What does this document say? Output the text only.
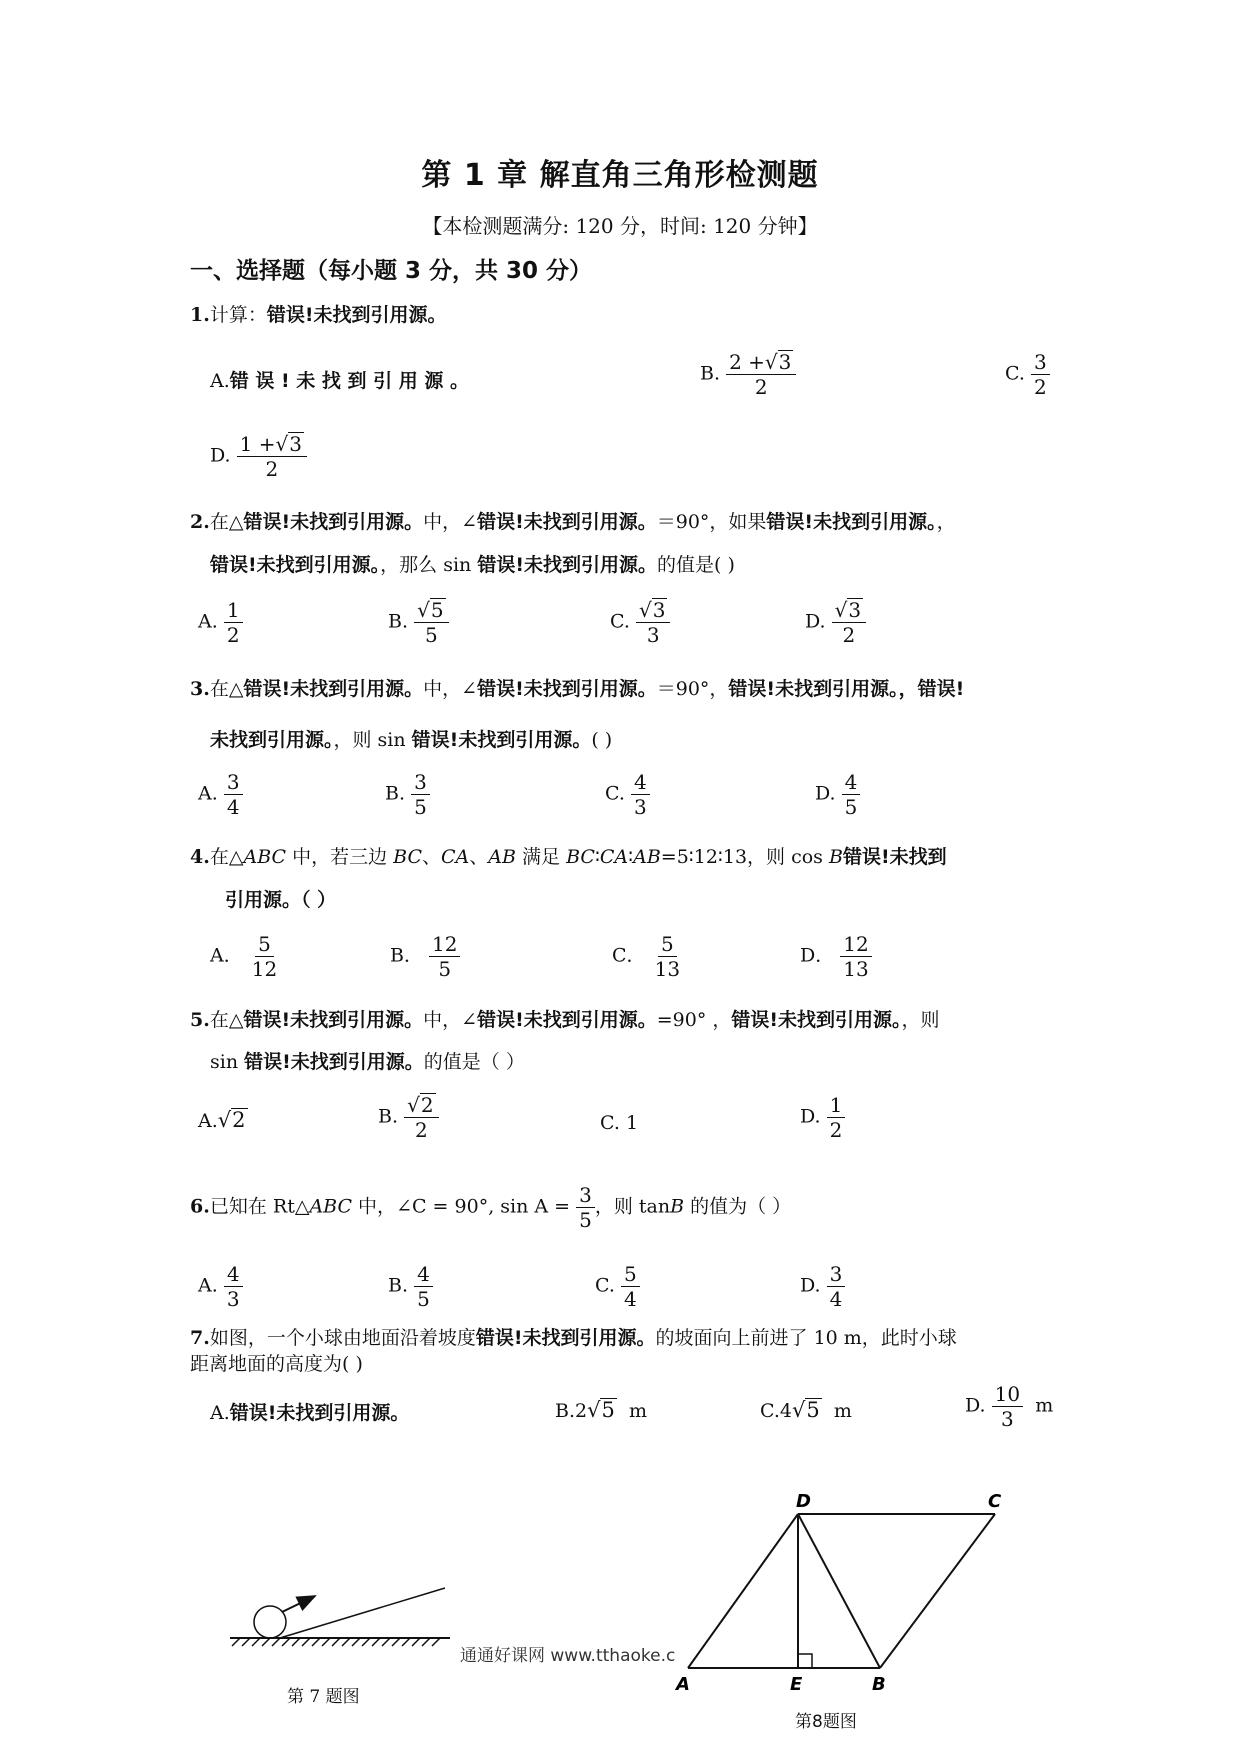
第 1 章 解直角三角形检测题
【本检测题满分: 120 分，时间: 120 分钟】
一、选择题（每小题 3 分，共 30 分）
1.计算：错误!未找到引用源。
A.错 误 ! 未 找 到 引 用 源 。	B. $\frac{2 +√3}{2}$	C. $\frac{3}{2}$
D. $\frac{1 +√3}{2}$
2.在△错误!未找到引用源。中，∠错误!未找到引用源。＝90°，如果错误!未找到引用源。，
错误!未找到引用源。，那么 sin 错误!未找到引用源。的值是( )
A. $\frac{1}{2}$	B. $\frac{√5}{5}$	C. $\frac{√3}{3}$	D. $\frac{√3}{2}$
3.在△错误!未找到引用源。中，∠错误!未找到引用源。＝90°，错误!未找到引用源。，错误!
未找到引用源。，则 sin 错误!未找到引用源。( )
A. $\frac{3}{4}$	B. $\frac{3}{5}$	C. $\frac{4}{3}$	D. $\frac{4}{5}$
4.在△ABC 中，若三边 BC、CA、AB 满足 BC∶CA∶AB=5∶12∶13，则 cos B错误!未找到
引用源。（ ）
A． $\frac{5}{12}$	B． $\frac{12}{5}$	C． $\frac{5}{13}$	D． $\frac{12}{13}$
5.在△错误!未找到引用源。中，∠错误!未找到引用源。=90° ，错误!未找到引用源。，则
sin 错误!未找到引用源。的值是（ ）
A.√2	B. $\frac{√2}{2}$	C. 1	D. $\frac{1}{2}$
6.已知在 Rt△ABC 中，∠C = 90°, $\sin A = \frac{3}{5}$ ，则 tanB 的值为（ ）
A. $\frac{4}{3}$	B. $\frac{4}{5}$	C. $\frac{5}{4}$	D. $\frac{3}{4}$
7.如图，一个小球由地面沿着坡度错误!未找到引用源。的坡面向上前进了 10 m，此时小球
距离地面的高度为( )
A.错误!未找到引用源。	B.2√5 m	C.4√5 m	D. $\frac{10}{3}$ m
第 7 题图
通通好课网 www.tthaoke.c
D	C
A	E	B
第8题图
